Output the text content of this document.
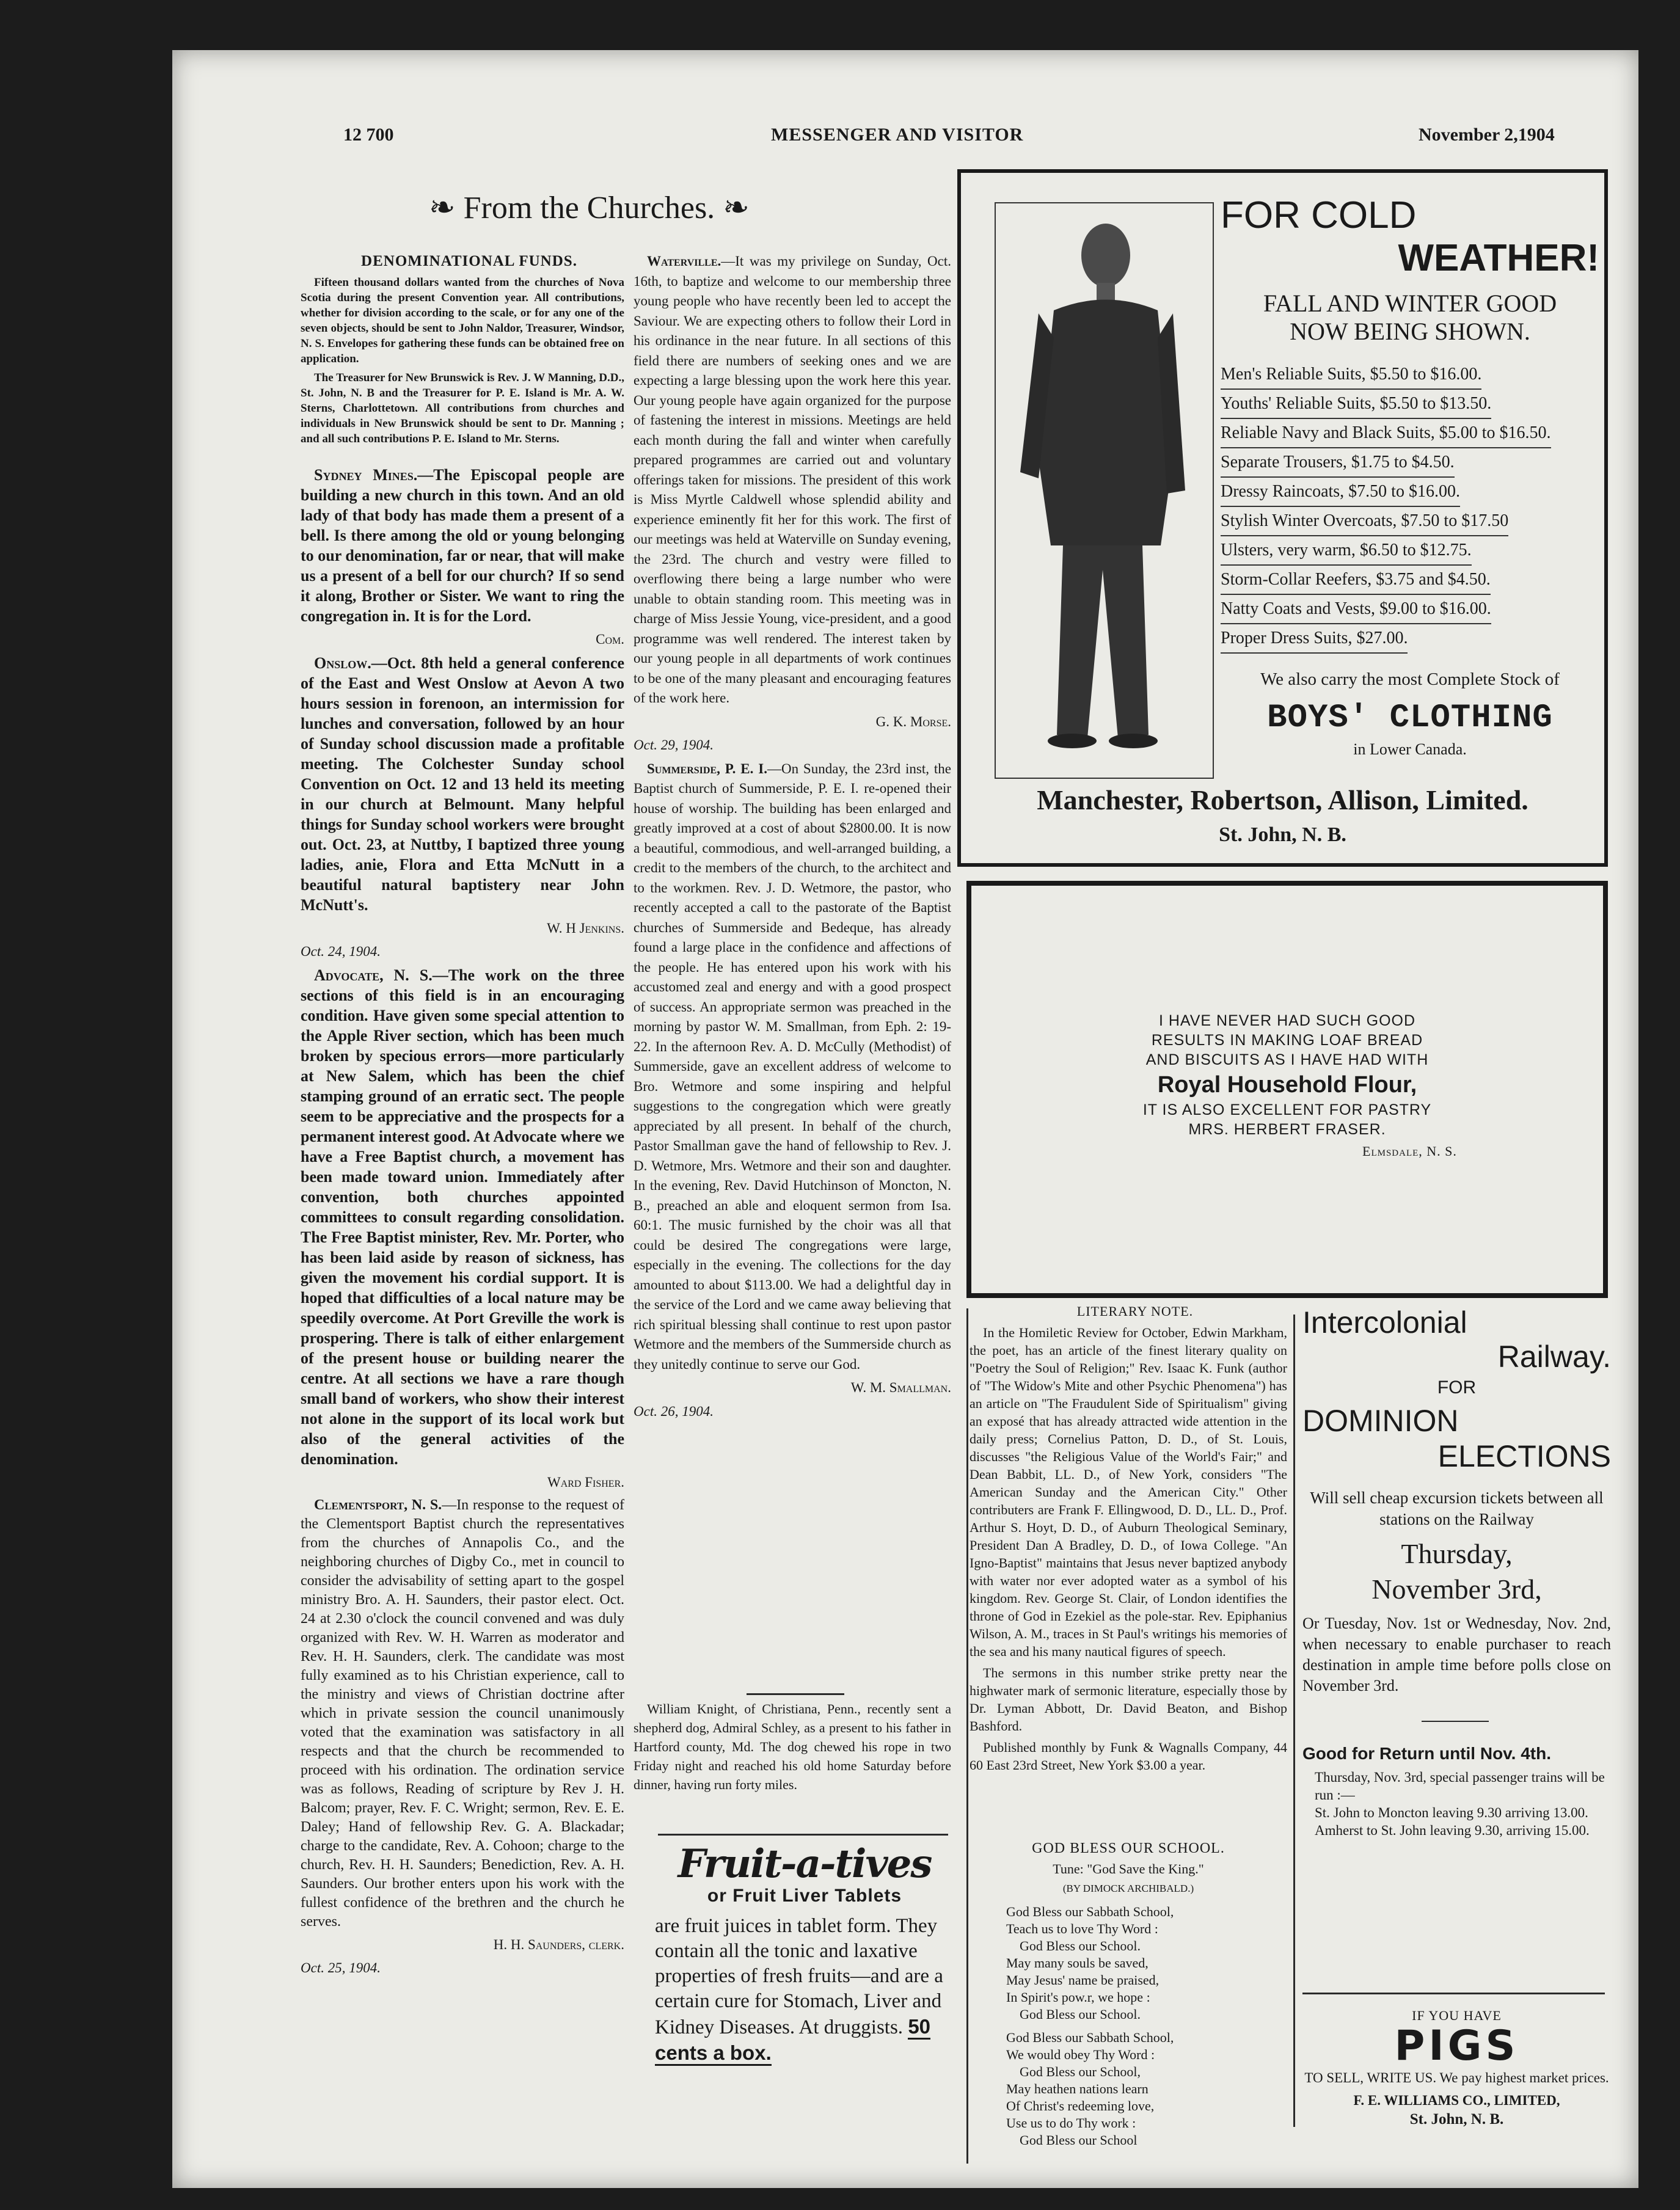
12 700	MESSENGER AND VISITOR	November 2,1904
❧ From the Churches. ❧

DENOMINATIONAL FUNDS.

Fifteen thousand dollars wanted from the churches of Nova Scotia during the present Convention year. All contributions, whether for division according to the scale, or for any one of the seven objects, should be sent to John Naldor, Treasurer, Windsor, N. S. Envelopes for gathering these funds can be obtained free on application.

The Treasurer for New Brunswick is Rev. J. W Manning, D.D., St. John, N. B and the Treasurer for P. E. Island is Mr. A. W. Sterns, Charlottetown. All contributions from churches and individuals in New Brunswick should be sent to Dr. Manning ; and all such contributions P. E. Island to Mr. Sterns.

Sydney Mines.—The Episcopal people are building a new church in this town. And an old lady of that body has made them a present of a bell. Is there among the old or young belonging to our denomination, far or near, that will make us a present of a bell for our church? If so send it along, Brother or Sister. We want to ring the congregation in. It is for the Lord.

Com.

Onslow.—Oct. 8th held a general conference of the East and West Onslow at Aevon A two hours session in forenoon, an intermission for lunches and conversation, followed by an hour of Sunday school discussion made a profitable meeting. The Colchester Sunday school Convention on Oct. 12 and 13 held its meeting in our church at Belmount. Many helpful things for Sunday school workers were brought out. Oct. 23, at Nuttby, I baptized three young ladies, anie, Flora and Etta McNutt in a beautiful natural baptistery near John McNutt's.

W. H Jenkins.

Oct. 24, 1904.

Advocate, N. S.—The work on the three sections of this field is in an encouraging condition. Have given some special attention to the Apple River section, which has been much broken by specious errors—more particularly at New Salem, which has been the chief stamping ground of an erratic sect. The people seem to be appreciative and the prospects for a permanent interest good. At Advocate where we have a Free Baptist church, a movement has been made toward union. Immediately after convention, both churches appointed committees to consult regarding consolidation. The Free Baptist minister, Rev. Mr. Porter, who has been laid aside by reason of sickness, has given the movement his cordial support. It is hoped that difficulties of a local nature may be speedily overcome. At Port Greville the work is prospering. There is talk of either enlargement of the present house or building nearer the centre. At all sections we have a rare though small band of workers, who show their interest not alone in the support of its local work but also of the general activities of the denomination.

Ward Fisher.

Clementsport, N. S.—In response to the request of the Clementsport Baptist church the representatives from the churches of Annapolis Co., and the neighboring churches of Digby Co., met in council to consider the advisability of setting apart to the gospel ministry Bro. A. H. Saunders, their pastor elect. Oct. 24 at 2.30 o'clock the council convened and was duly organized with Rev. W. H. Warren as moderator and Rev. H. H. Saunders, clerk. The candidate was most fully examined as to his Christian experience, call to the ministry and views of Christian doctrine after which in private session the council unanimously voted that the examination was satisfactory in all respects and that the church be recommended to proceed with his ordination. The ordination service was as follows, Reading of scripture by Rev J. H. Balcom; prayer, Rev. F. C. Wright; sermon, Rev. E. E. Daley; Hand of fellowship Rev. G. A. Blackadar; charge to the candidate, Rev. A. Cohoon; charge to the church, Rev. H. H. Saunders; Benediction, Rev. A. H. Saunders. Our brother enters upon his work with the fullest confidence of the brethren and the church he serves.

H. H. Saunders, clerk.

Oct. 25, 1904.

Waterville.—It was my privilege on Sunday, Oct. 16th, to baptize and welcome to our membership three young people who have recently been led to accept the Saviour. We are expecting others to follow their Lord in his ordinance in the near future. In all sections of this field there are numbers of seeking ones and we are expecting a large blessing upon the work here this year. Our young people have again organized for the purpose of fastening the interest in missions. Meetings are held each month during the fall and winter when carefully prepared programmes are carried out and voluntary offerings taken for missions. The president of this work is Miss Myrtle Caldwell whose splendid ability and experience eminently fit her for this work. The first of our meetings was held at Waterville on Sunday evening, the 23rd. The church and vestry were filled to overflowing there being a large number who were unable to obtain standing room. This meeting was in charge of Miss Jessie Young, vice-president, and a good programme was well rendered. The interest taken by our young people in all departments of work continues to be one of the many pleasant and encouraging features of the work here.

G. K. Morse.

Oct. 29, 1904.

Summerside, P. E. I.—On Sunday, the 23rd inst, the Baptist church of Summerside, P. E. I. re-opened their house of worship. The building has been enlarged and greatly improved at a cost of about $2800.00. It is now a beautiful, commodious, and well-arranged building, a credit to the members of the church, to the architect and to the workmen. Rev. J. D. Wetmore, the pastor, who recently accepted a call to the pastorate of the Baptist churches of Summerside and Bedeque, has already found a large place in the confidence and affections of the people. He has entered upon his work with his accustomed zeal and energy and with a good prospect of success. An appropriate sermon was preached in the morning by pastor W. M. Smallman, from Eph. 2: 19-22. In the afternoon Rev. A. D. McCully (Methodist) of Summerside, gave an excellent address of welcome to Bro. Wetmore and some inspiring and helpful suggestions to the congregation which were greatly appreciated by all present. In behalf of the church, Pastor Smallman gave the hand of fellowship to Rev. J. D. Wetmore, Mrs. Wetmore and their son and daughter. In the evening, Rev. David Hutchinson of Moncton, N. B., preached an able and eloquent sermon from Isa. 60:1. The music furnished by the choir was all that could be desired The congregations were large, especially in the evening. The collections for the day amounted to about $113.00. We had a delightful day in the service of the Lord and we came away believing that rich spiritual blessing shall continue to rest upon pastor Wetmore and the members of the Summerside church as they unitedly continue to serve our God.

W. M. Smallman.

Oct. 26, 1904.

William Knight, of Christiana, Penn., recently sent a shepherd dog, Admiral Schley, as a present to his father in Hartford county, Md. The dog chewed his rope in two Friday night and reached his old home Saturday before dinner, having run forty miles.

Fruit-a-tives
or Fruit Liver Tablets
are fruit juices in tablet form. They contain all the tonic and laxative properties of fresh fruits—and are a certain cure for Stomach, Liver and Kidney Diseases. At druggists. 50 cents a box.
FOR COLD
WEATHER!
FALL AND WINTER GOOD
NOW BEING SHOWN.
Men's Reliable Suits, $5.50 to $16.00.
Youths' Reliable Suits, $5.50 to $13.50.
Reliable Navy and Black Suits, $5.00 to $16.50.
Separate Trousers, $1.75 to $4.50.
Dressy Raincoats, $7.50 to $16.00.
Stylish Winter Overcoats, $7.50 to $17.50
Ulsters, very warm, $6.50 to $12.75.
Storm-Collar Reefers, $3.75 and $4.50.
Natty Coats and Vests, $9.00 to $16.00.
Proper Dress Suits, $27.00.
We also carry the most Complete Stock of
BOYS' CLOTHING
in Lower Canada.
Manchester, Robertson, Allison, Limited.
St. John, N. B.
I HAVE NEVER HAD SUCH GOOD
RESULTS IN MAKING LOAF BREAD
AND BISCUITS AS I HAVE HAD WITH
Royal Household Flour,
IT IS ALSO EXCELLENT FOR PASTRY
MRS. HERBERT FRASER.
Elmsdale, N. S.

LITERARY NOTE.

In the Homiletic Review for October, Edwin Markham, the poet, has an article of the finest literary quality on "Poetry the Soul of Religion;" Rev. Isaac K. Funk (author of "The Widow's Mite and other Psychic Phenomena") has an article on "The Fraudulent Side of Spiritualism" giving an exposé that has already attracted wide attention in the daily press; Cornelius Patton, D. D., of St. Louis, discusses "the Religious Value of the World's Fair;" and Dean Babbit, LL. D., of New York, considers "The American Sunday and the American City." Other contributers are Frank F. Ellingwood, D. D., LL. D., Prof. Arthur S. Hoyt, D. D., of Auburn Theological Seminary, President Dan A Bradley, D. D., of Iowa College. "An Igno-Baptist" maintains that Jesus never baptized anybody with water nor ever adopted water as a symbol of his kingdom. Rev. George St. Clair, of London identifies the throne of God in Ezekiel as the pole-star. Rev. Epiphanius Wilson, A. M., traces in St Paul's writings his memories of the sea and his many nautical figures of speech.

The sermons in this number strike pretty near the highwater mark of sermonic literature, especially those by Dr. Lyman Abbott, Dr. David Beaton, and Bishop Bashford.

Published monthly by Funk & Wagnalls Company, 44 60 East 23rd Street, New York $3.00 a year.

GOD BLESS OUR SCHOOL.
Tune: "God Save the King."
(BY DIMOCK ARCHIBALD.)
God Bless our Sabbath School,
Teach us to love Thy Word :
God Bless our School.
May many souls be saved,
May Jesus' name be praised,
In Spirit's pow.r, we hope :
God Bless our School.
God Bless our Sabbath School,
We would obey Thy Word :
God Bless our School,
May heathen nations learn
Of Christ's redeeming love,
Use us to do Thy work :
God Bless our School
Intercolonial
Railway.
FOR
DOMINION
ELECTIONS
Will sell cheap excursion tickets between all stations on the Railway
Thursday,
November 3rd,
Or Tuesday, Nov. 1st or Wednesday, Nov. 2nd, when necessary to enable purchaser to reach destination in ample time before polls close on November 3rd.
Good for Return until Nov. 4th.
Thursday, Nov. 3rd, special passenger trains will be run :—
St. John to Moncton leaving 9.30 arriving 13.00.
Amherst to St. John leaving 9.30, arriving 15.00.
IF YOU HAVE
PIGS
TO SELL, WRITE US. We pay highest market prices.
F. E. WILLIAMS CO., LIMITED,
St. John, N. B.
